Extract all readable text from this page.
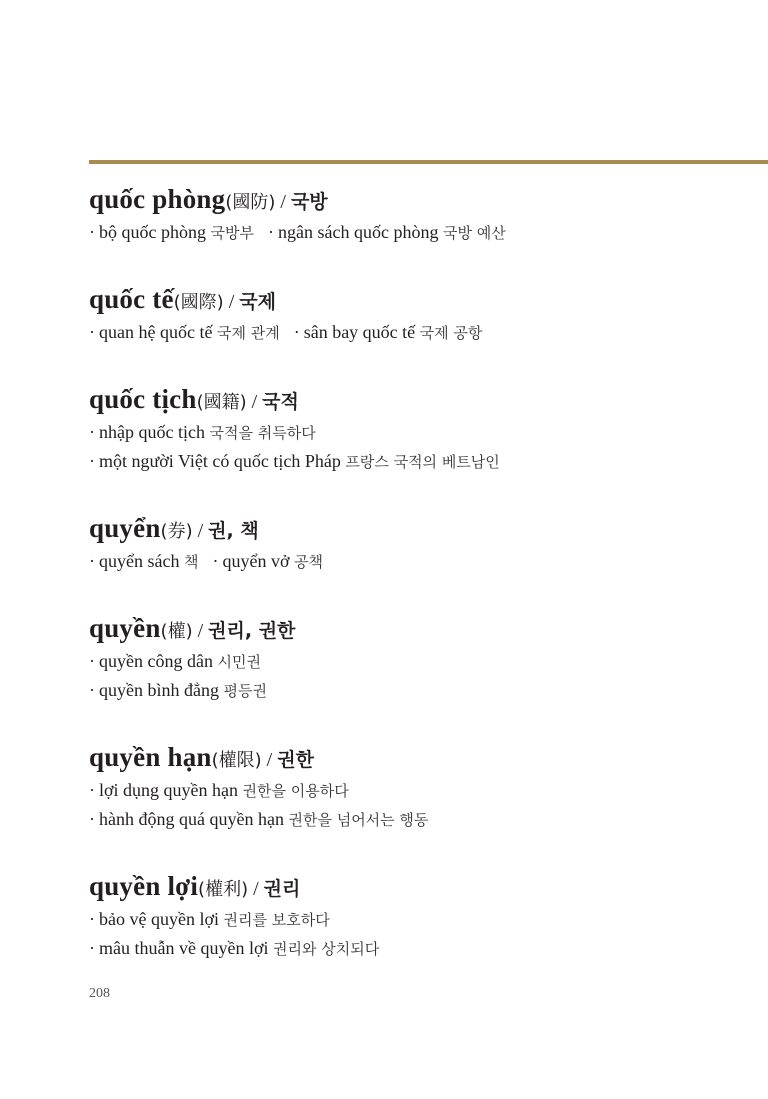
quốc phòng(國防) / 국방
· bộ quốc phòng 국방부 · ngân sách quốc phòng 국방 예산
quốc tế(國際) / 국제
· quan hệ quốc tế 국제 관계 · sân bay quốc tế 국제 공항
quốc tịch(國籍) / 국적
· nhập quốc tịch 국적을 취득하다
· một người Việt có quốc tịch Pháp 프랑스 국적의 베트남인
quyển(券) / 권, 책
· quyển sách 책 · quyển vở 공책
quyền(權) / 권리, 권한
· quyền công dân 시민권
· quyền bình đẳng 평등권
quyền hạn(權限) / 권한
· lợi dụng quyền hạn 권한을 이용하다
· hành động quá quyền hạn 권한을 넘어서는 행동
quyền lợi(權利) / 권리
· bảo vệ quyền lợi 권리를 보호하다
· mâu thuẫn về quyền lợi 권리와 상치되다
208
